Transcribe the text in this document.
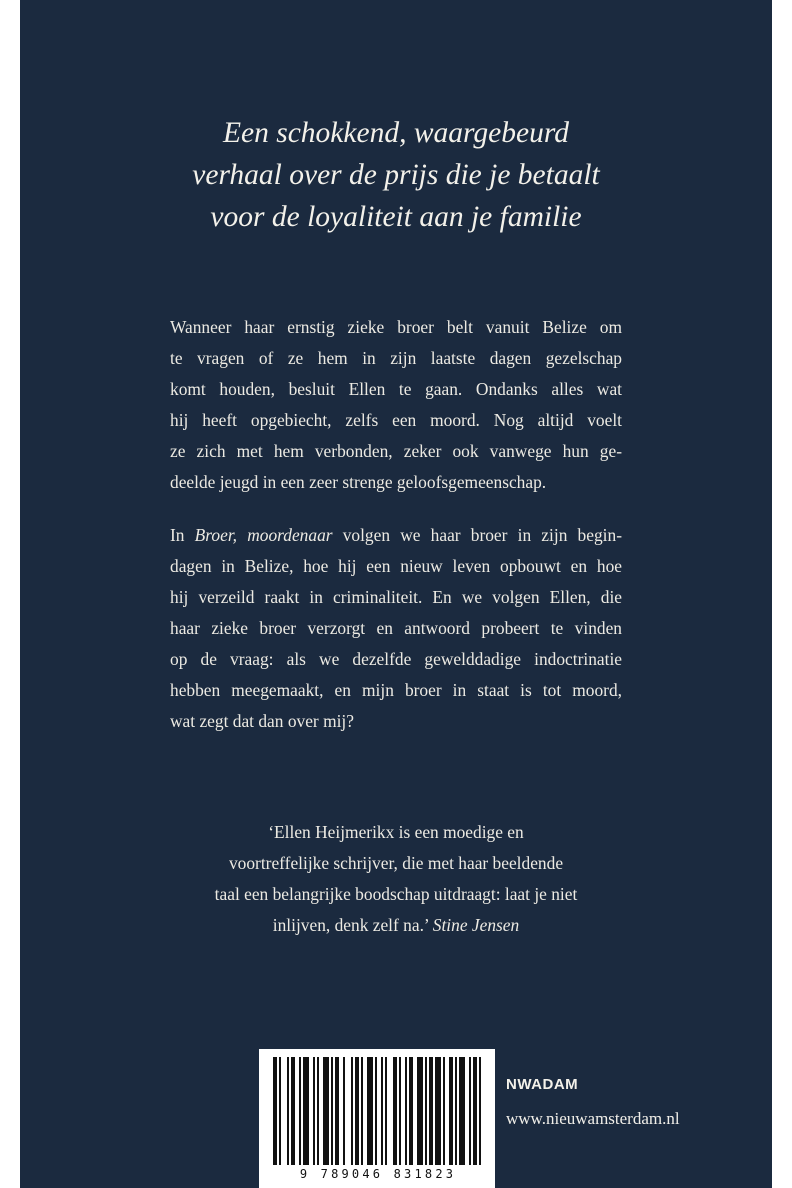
Een schokkend, waargebeurd
verhaal over de prijs die je betaalt
voor de loyaliteit aan je familie
Wanneer haar ernstig zieke broer belt vanuit Belize om
te vragen of ze hem in zijn laatste dagen gezelschap
komt houden, besluit Ellen te gaan. Ondanks alles wat
hij heeft opgebiecht, zelfs een moord. Nog altijd voelt
ze zich met hem verbonden, zeker ook vanwege hun ge-
deelde jeugd in een zeer strenge geloofsgemeenschap.
In Broer, moordenaar volgen we haar broer in zijn begin-
dagen in Belize, hoe hij een nieuw leven opbouwt en hoe
hij verzeild raakt in criminaliteit. En we volgen Ellen, die
haar zieke broer verzorgt en antwoord probeert te vinden
op de vraag: als we dezelfde gewelddadige indoctrinatie
hebben meegemaakt, en mijn broer in staat is tot moord,
wat zegt dat dan over mij?
‘Ellen Heijmerikx is een moedige en
voortreffelijke schrijver, die met haar beeldende
taal een belangrijke boodschap uitdraagt: laat je niet
inlijven, denk zelf na.’ Stine Jensen
9 789046 831823
NWADAM
www.nieuwamsterdam.nl
